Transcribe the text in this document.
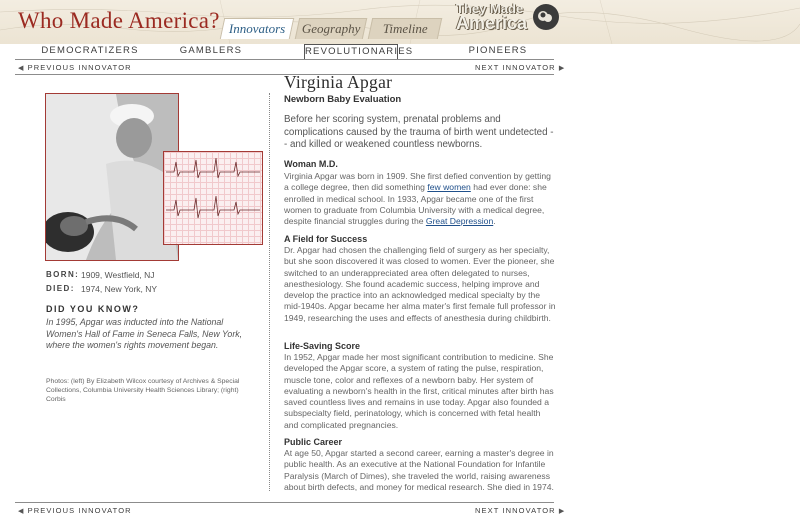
Who Made America? Innovators	Geography	Timeline
They Made
America
DEMOCRATIZERS	GAMBLERS	REVOLUTIONARIES	PIONEERS
◀ PREVIOUS INNOVATOR	NEXT INNOVATOR ▶
BORN: 1909, Westfield, NJ
DIED: 1974, New York, NY
DID YOU KNOW?
In 1995, Apgar was inducted into the National Women's Hall of Fame in Seneca Falls, New York, where the women's rights movement began.
Photos: (left) By Elizabeth Wilcox courtesy of Archives & Special Collections, Columbia University Health Sciences Library; (right) Corbis
Virginia Apgar
Newborn Baby Evaluation
Before her scoring system, prenatal problems and complications caused by the trauma of birth went undetected -- and killed or weakened countless newborns.
Woman M.D.
Virginia Apgar was born in 1909. She first defied convention by getting a college degree, then did something few women had ever done: she enrolled in medical school. In 1933, Apgar became one of the first women to graduate from Columbia University with a medical degree, despite financial struggles during the Great Depression.
A Field for Success
Dr. Apgar had chosen the challenging field of surgery as her specialty, but she soon discovered it was closed to women. Ever the pioneer, she switched to an underappreciated area often delegated to nurses, anesthesiology. She found academic success, helping improve and develop the practice into an acknowledged medical specialty by the mid-1940s. Apgar became her alma mater's first female full professor in 1949, researching the uses and effects of anesthesia during childbirth.
Life-Saving Score
In 1952, Apgar made her most significant contribution to medicine. She developed the Apgar score, a system of rating the pulse, respiration, muscle tone, color and reflexes of a newborn baby. Her system of evaluating a newborn's health in the first, critical minutes after birth has saved countless lives and remains in use today. Apgar also founded a subspecialty field, perinatology, which is concerned with fetal health and complicated pregnancies.
Public Career
At age 50, Apgar started a second career, earning a master's degree in public health. As an executive at the National Foundation for Infantile Paralysis (March of Dimes), she traveled the world, raising awareness about birth defects, and money for medical research. She died in 1974.
◀ PREVIOUS INNOVATOR	NEXT INNOVATOR ▶
